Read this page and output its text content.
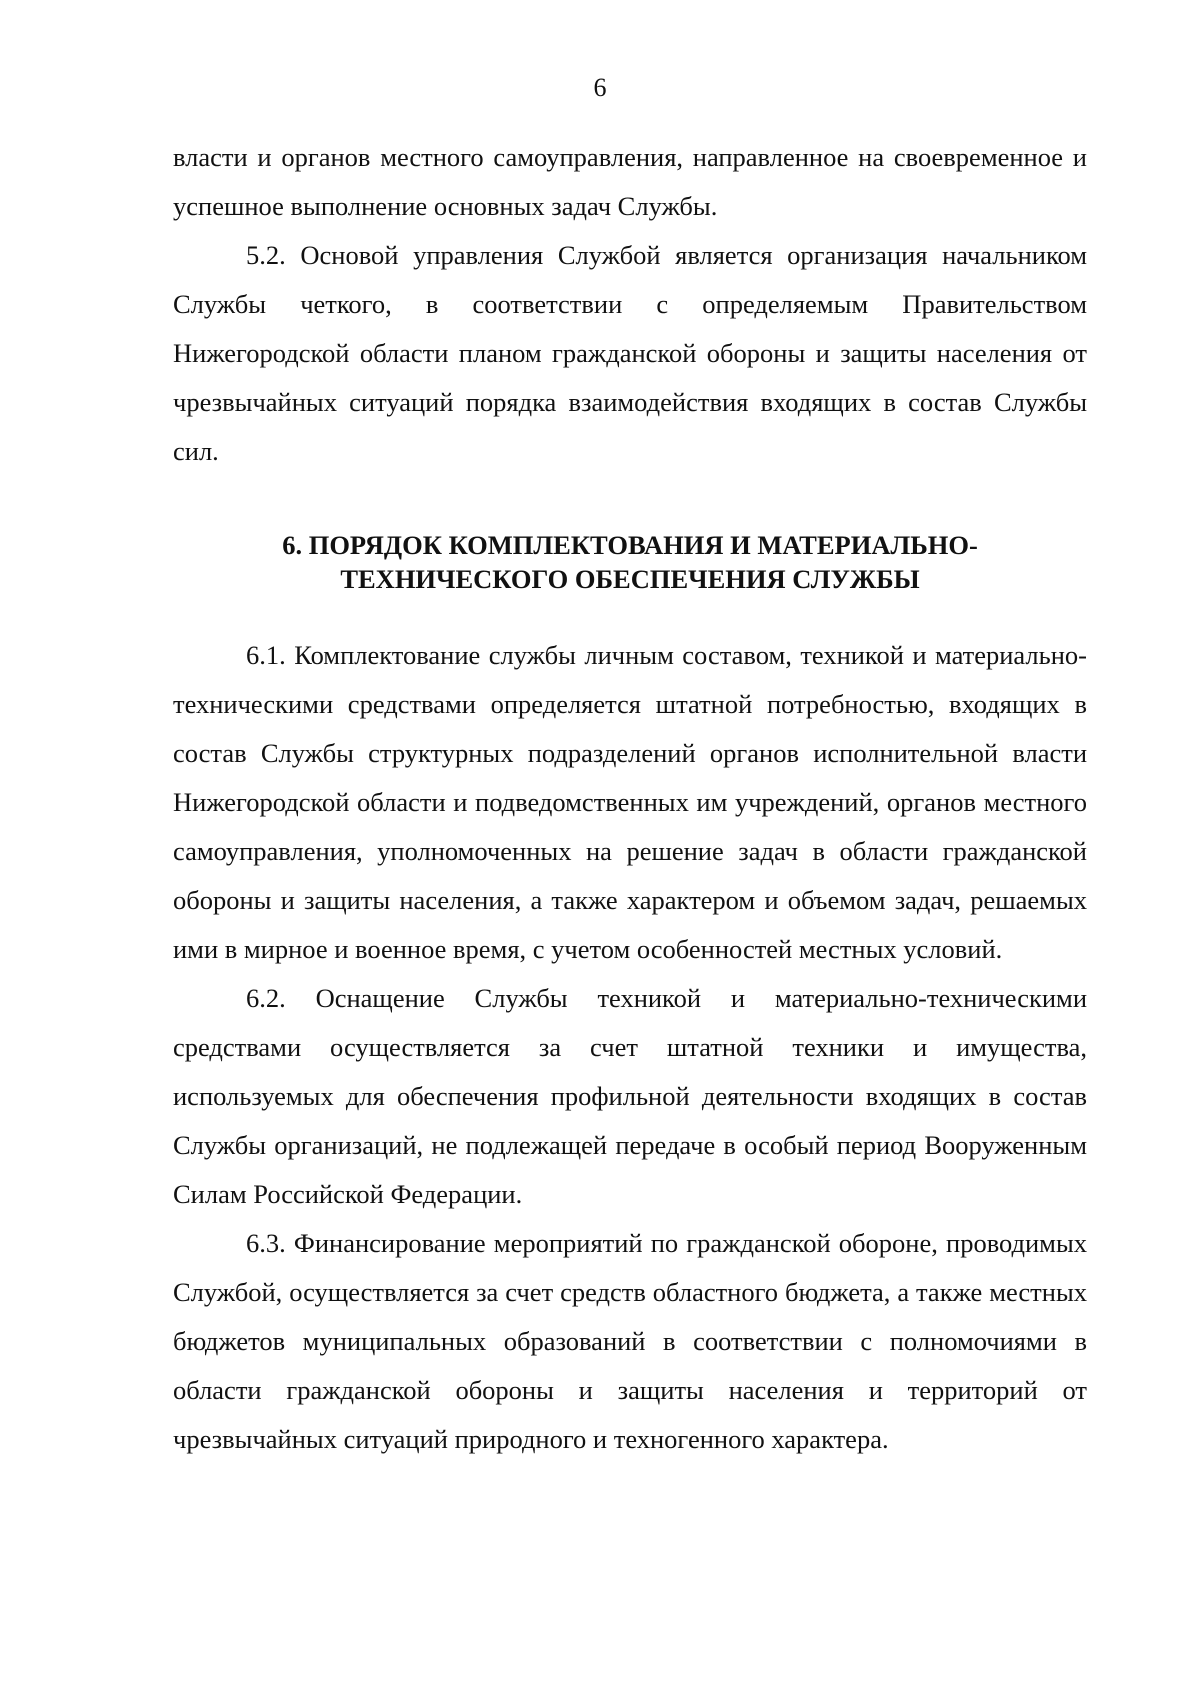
6

власти и органов местного самоуправления, направленное на своевременное и успешное выполнение основных задач Службы.

5.2. Основой управления Службой является организация начальником Службы четкого, в соответствии с определяемым Правительством Нижегородской области планом гражданской обороны и защиты населения от чрезвычайных ситуаций порядка взаимодействия входящих в состав Службы сил.

6. ПОРЯДОК КОМПЛЕКТОВАНИЯ И МАТЕРИАЛЬНО-
ТЕХНИЧЕСКОГО ОБЕСПЕЧЕНИЯ СЛУЖБЫ

6.1. Комплектование службы личным составом, техникой и материально-техническими средствами определяется штатной потребностью, входящих в состав Службы структурных подразделений органов исполнительной власти Нижегородской области и подведомственных им учреждений, органов местного самоуправления, уполномоченных на решение задач в области гражданской обороны и защиты населения, а также характером и объемом задач, решаемых ими в мирное и военное время, с учетом особенностей местных условий.

6.2. Оснащение Службы техникой и материально-техническими средствами осуществляется за счет штатной техники и имущества, используемых для обеспечения профильной деятельности входящих в состав Службы организаций, не подлежащей передаче в особый период Вооруженным Силам Российской Федерации.

6.3. Финансирование мероприятий по гражданской обороне, проводимых Службой, осуществляется за счет средств областного бюджета, а также местных бюджетов муниципальных образований в соответствии с полномочиями в области гражданской обороны и защиты населения и территорий от чрезвычайных ситуаций природного и техногенного характера.
